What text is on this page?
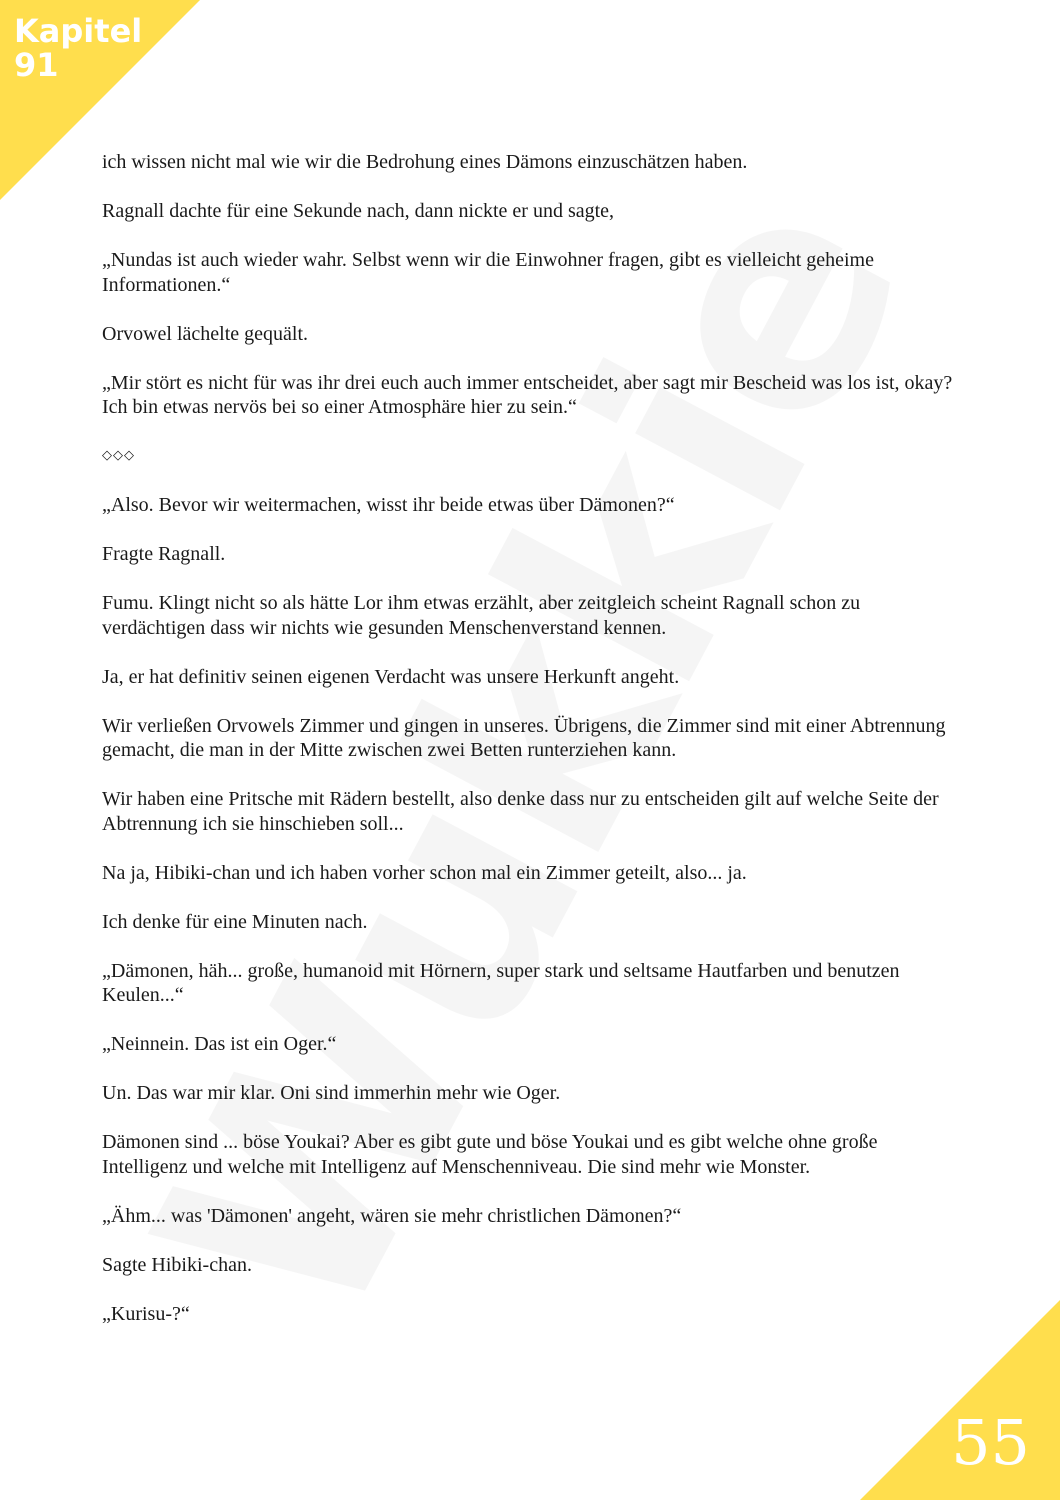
Kapitel
91

ich wissen nicht mal wie wir die Bedrohung eines Dämons einzuschätzen haben.

Ragnall dachte für eine Sekunde nach, dann nickte er und sagte,

„Nundas ist auch wieder wahr. Selbst wenn wir die Einwohner fragen, gibt es vielleicht geheime Informationen.“

Orvowel lächelte gequält.

„Mir stört es nicht für was ihr drei euch auch immer entscheidet, aber sagt mir Bescheid was los ist, okay? Ich bin etwas nervös bei so einer Atmosphäre hier zu sein.“

◇◇◇

„Also. Bevor wir weitermachen, wisst ihr beide etwas über Dämonen?“

Fragte Ragnall.

Fumu. Klingt nicht so als hätte Lor ihm etwas erzählt, aber zeitgleich scheint Ragnall schon zu verdächtigen dass wir nichts wie gesunden Menschenverstand kennen.

Ja, er hat definitiv seinen eigenen Verdacht was unsere Herkunft angeht.

Wir verließen Orvowels Zimmer und gingen in unseres. Übrigens, die Zimmer sind mit einer Abtrennung gemacht, die man in der Mitte zwischen zwei Betten runterziehen kann.

Wir haben eine Pritsche mit Rädern bestellt, also denke dass nur zu entscheiden gilt auf welche Seite der Abtrennung ich sie hinschieben soll...

Na ja, Hibiki-chan und ich haben vorher schon mal ein Zimmer geteilt, also... ja.

Ich denke für eine Minuten nach.

„Dämonen, häh... große, humanoid mit Hörnern, super stark und seltsame Hautfarben und benutzen Keulen...“

„Neinnein. Das ist ein Oger.“

Un. Das war mir klar. Oni sind immerhin mehr wie Oger.

Dämonen sind ... böse Youkai? Aber es gibt gute und böse Youkai und es gibt welche ohne große Intelligenz und welche mit Intelligenz auf Menschenniveau. Die sind mehr wie Monster.

„Ähm... was 'Dämonen' angeht, wären sie mehr christlichen Dämonen?“

Sagte Hibiki-chan.

„Kurisu-?“

55
